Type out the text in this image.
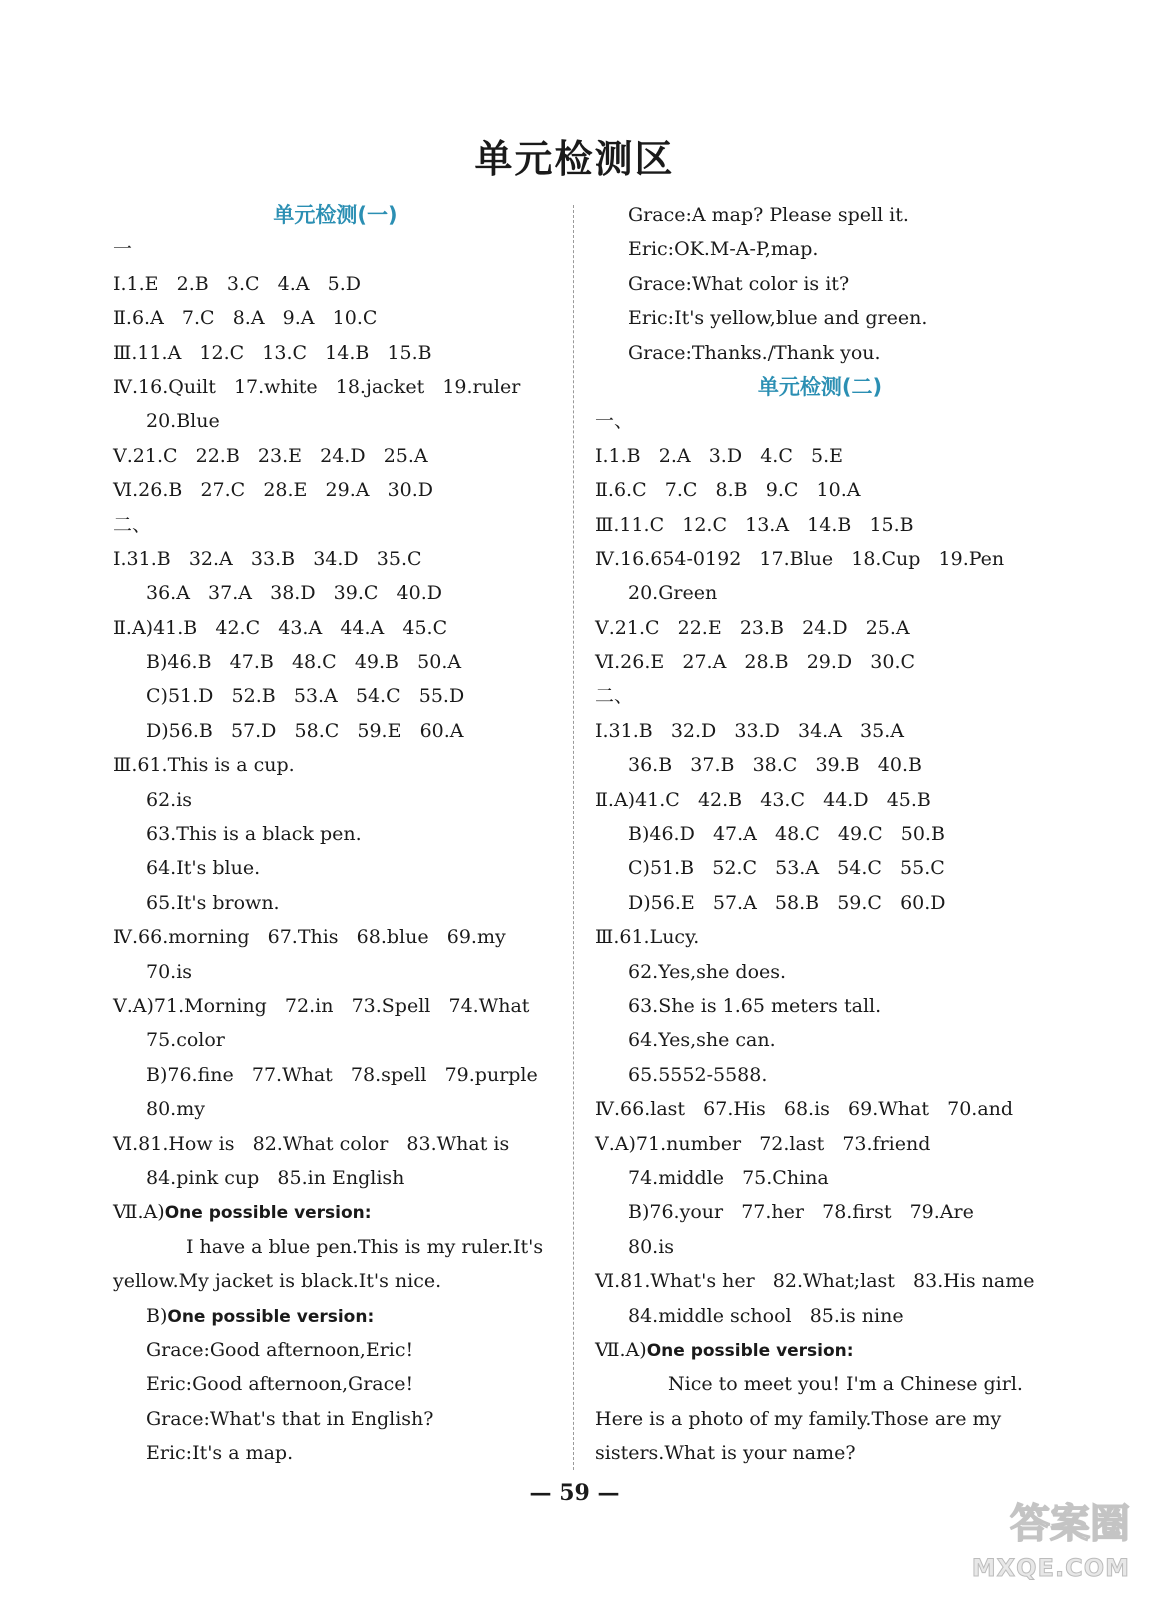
单元检测区
单元检测(一)
一
Ⅰ.1.E   2.B   3.C   4.A   5.D
Ⅱ.6.A   7.C   8.A   9.A   10.C
Ⅲ.11.A   12.C   13.C   14.B   15.B
Ⅳ.16.Quilt   17.white   18.jacket   19.ruler
20.Blue
Ⅴ.21.C   22.B   23.E   24.D   25.A
Ⅵ.26.B   27.C   28.E   29.A   30.D
二、
Ⅰ.31.B   32.A   33.B   34.D   35.C
36.A   37.A   38.D   39.C   40.D
Ⅱ.A)41.B   42.C   43.A   44.A   45.C
B)46.B   47.B   48.C   49.B   50.A
C)51.D   52.B   53.A   54.C   55.D
D)56.B   57.D   58.C   59.E   60.A
Ⅲ.61.This is a cup.
62.is
63.This is a black pen.
64.It's blue.
65.It's brown.
Ⅳ.66.morning   67.This   68.blue   69.my
70.is
Ⅴ.A)71.Morning   72.in   73.Spell   74.What
75.color
B)76.fine   77.What   78.spell   79.purple
80.my
Ⅵ.81.How is   82.What color   83.What is
84.pink cup   85.in English
Ⅶ.A)One possible version:
I have a blue pen.This is my ruler.It's
yellow.My jacket is black.It's nice.
B)One possible version:
Grace:Good afternoon,Eric!
Eric:Good afternoon,Grace!
Grace:What's that in English?
Eric:It's a map.
Grace:A map? Please spell it.
Eric:OK.M-A-P,map.
Grace:What color is it?
Eric:It's yellow,blue and green.
Grace:Thanks./Thank you.
单元检测(二)
一、
Ⅰ.1.B   2.A   3.D   4.C   5.E
Ⅱ.6.C   7.C   8.B   9.C   10.A
Ⅲ.11.C   12.C   13.A   14.B   15.B
Ⅳ.16.654-0192   17.Blue   18.Cup   19.Pen
20.Green
Ⅴ.21.C   22.E   23.B   24.D   25.A
Ⅵ.26.E   27.A   28.B   29.D   30.C
二、
Ⅰ.31.B   32.D   33.D   34.A   35.A
36.B   37.B   38.C   39.B   40.B
Ⅱ.A)41.C   42.B   43.C   44.D   45.B
B)46.D   47.A   48.C   49.C   50.B
C)51.B   52.C   53.A   54.C   55.C
D)56.E   57.A   58.B   59.C   60.D
Ⅲ.61.Lucy.
62.Yes,she does.
63.She is 1.65 meters tall.
64.Yes,she can.
65.5552-5588.
Ⅳ.66.last   67.His   68.is   69.What   70.and
Ⅴ.A)71.number   72.last   73.friend
74.middle   75.China
B)76.your   77.her   78.first   79.Are
80.is
Ⅵ.81.What's her   82.What;last   83.His name
84.middle school   85.is nine
Ⅶ.A)One possible version:
Nice to meet you! I'm a Chinese girl.
Here is a photo of my family.Those are my
sisters.What is your name?
— 59 —
答案圈
MXQE.COM
